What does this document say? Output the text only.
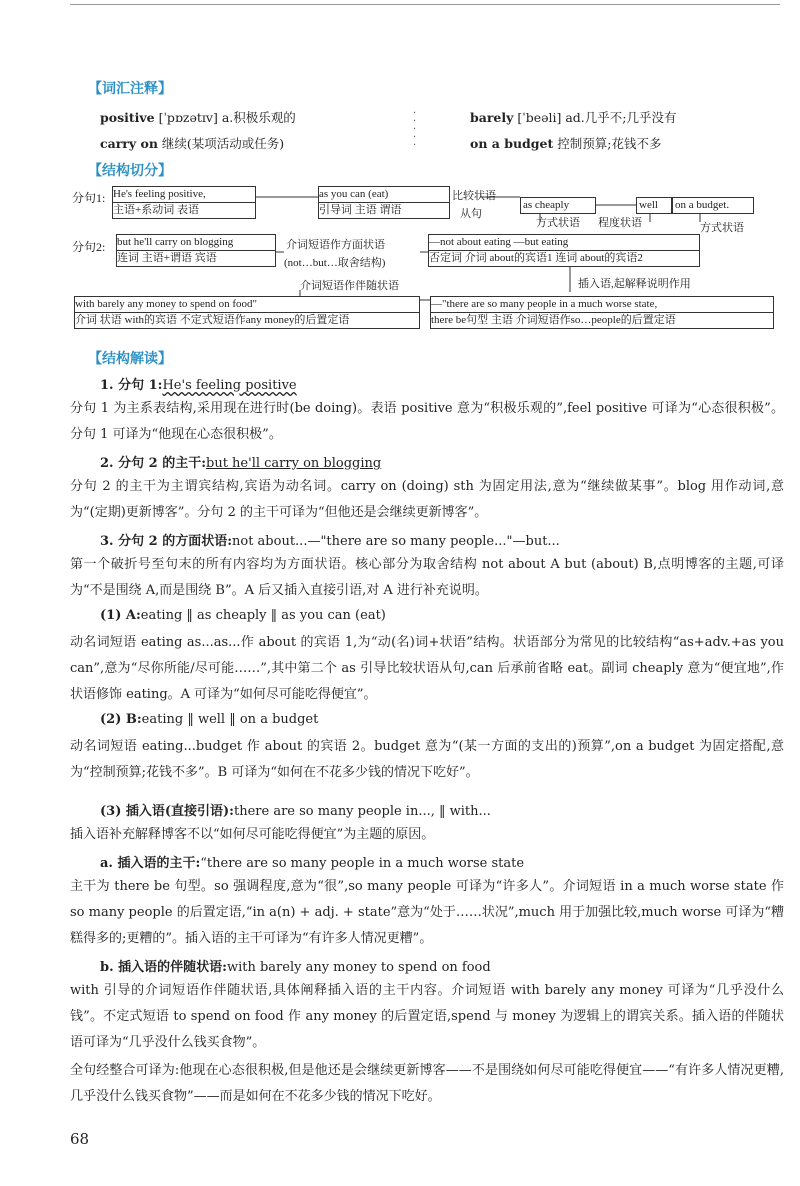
【词汇注释】
positive [ˈpɒzətɪv] a.积极乐观的
carry on 继续(某项活动或任务)
barely [ˈbeəli] ad.几乎不;几乎没有
on a budget 控制预算;花钱不多
·
·
·
·
·
【结构切分】
分句1: He's feeling positive,
主语+系动词 表语
as you can (eat)
引导词 主语 谓语
比较状语
从句
as cheaply	well	on a budget.
方式状语 程度状语	方式状语
分句2: but he'll carry on blogging
连词 主语+谓语 宾语
介词短语作方面状语
(not…but…取舍结构)
—not about eating —but eating
否定词 介词 about的宾语1 连词 about的宾语2
插入语,起解释说明作用
介词短语作伴随状语
with barely any money to spend on food"
介词 状语 with的宾语 不定式短语作any money的后置定语
—"there are so many people in a much worse state,
there be句型 主语 介词短语作so…people的后置定语
【结构解读】
1. 分句 1:He's feeling positive
分句 1 为主系表结构,采用现在进行时(be doing)。表语 positive 意为“积极乐观的”,feel positive 可译为“心态很积极”。分句 1 可译为“他现在心态很积极”。
2. 分句 2 的主干:but he'll carry on blogging
分句 2 的主干为主谓宾结构,宾语为动名词。carry on (doing) sth 为固定用法,意为“继续做某事”。blog 用作动词,意为“(定期)更新博客”。分句 2 的主干可译为“但他还是会继续更新博客”。
3. 分句 2 的方面状语:not about...—"there are so many people..."—but...
第一个破折号至句末的所有内容均为方面状语。核心部分为取舍结构 not about A but (about) B,点明博客的主题,可译为“不是围绕 A,而是围绕 B”。A 后又插入直接引语,对 A 进行补充说明。
(1) A:eating ‖ as cheaply ‖ as you can (eat)
动名词短语 eating as...as...作 about 的宾语 1,为“动(名)词+状语”结构。状语部分为常见的比较结构“as+adv.+as you can”,意为“尽你所能/尽可能……”,其中第二个 as 引导比较状语从句,can 后承前省略 eat。副词 cheaply 意为“便宜地”,作状语修饰 eating。A 可译为“如何尽可能吃得便宜”。
(2) B:eating ‖ well ‖ on a budget
动名词短语 eating...budget 作 about 的宾语 2。budget 意为“(某一方面的支出的)预算”,on a budget 为固定搭配,意为“控制预算;花钱不多”。B 可译为“如何在不花多少钱的情况下吃好”。
(3) 插入语(直接引语):there are so many people in..., ‖ with...
插入语补充解释博客不以“如何尽可能吃得便宜”为主题的原因。
a. 插入语的主干:“there are so many people in a much worse state
主干为 there be 句型。so 强调程度,意为“很”,so many people 可译为“许多人”。介词短语 in a much worse state 作 so many people 的后置定语,“in a(n) + adj. + state”意为“处于……状况”,much 用于加强比较,much worse 可译为“糟糕得多的;更糟的”。插入语的主干可译为“有许多人情况更糟”。
b. 插入语的伴随状语:with barely any money to spend on food
with 引导的介词短语作伴随状语,具体阐释插入语的主干内容。介词短语 with barely any money 可译为“几乎没什么钱”。不定式短语 to spend on food 作 any money 的后置定语,spend 与 money 为逻辑上的谓宾关系。插入语的伴随状语可译为“几乎没什么钱买食物”。
全句经整合可译为:他现在心态很积极,但是他还是会继续更新博客——不是围绕如何尽可能吃得便宜——“有许多人情况更糟,几乎没什么钱买食物”——而是如何在不花多少钱的情况下吃好。
68
